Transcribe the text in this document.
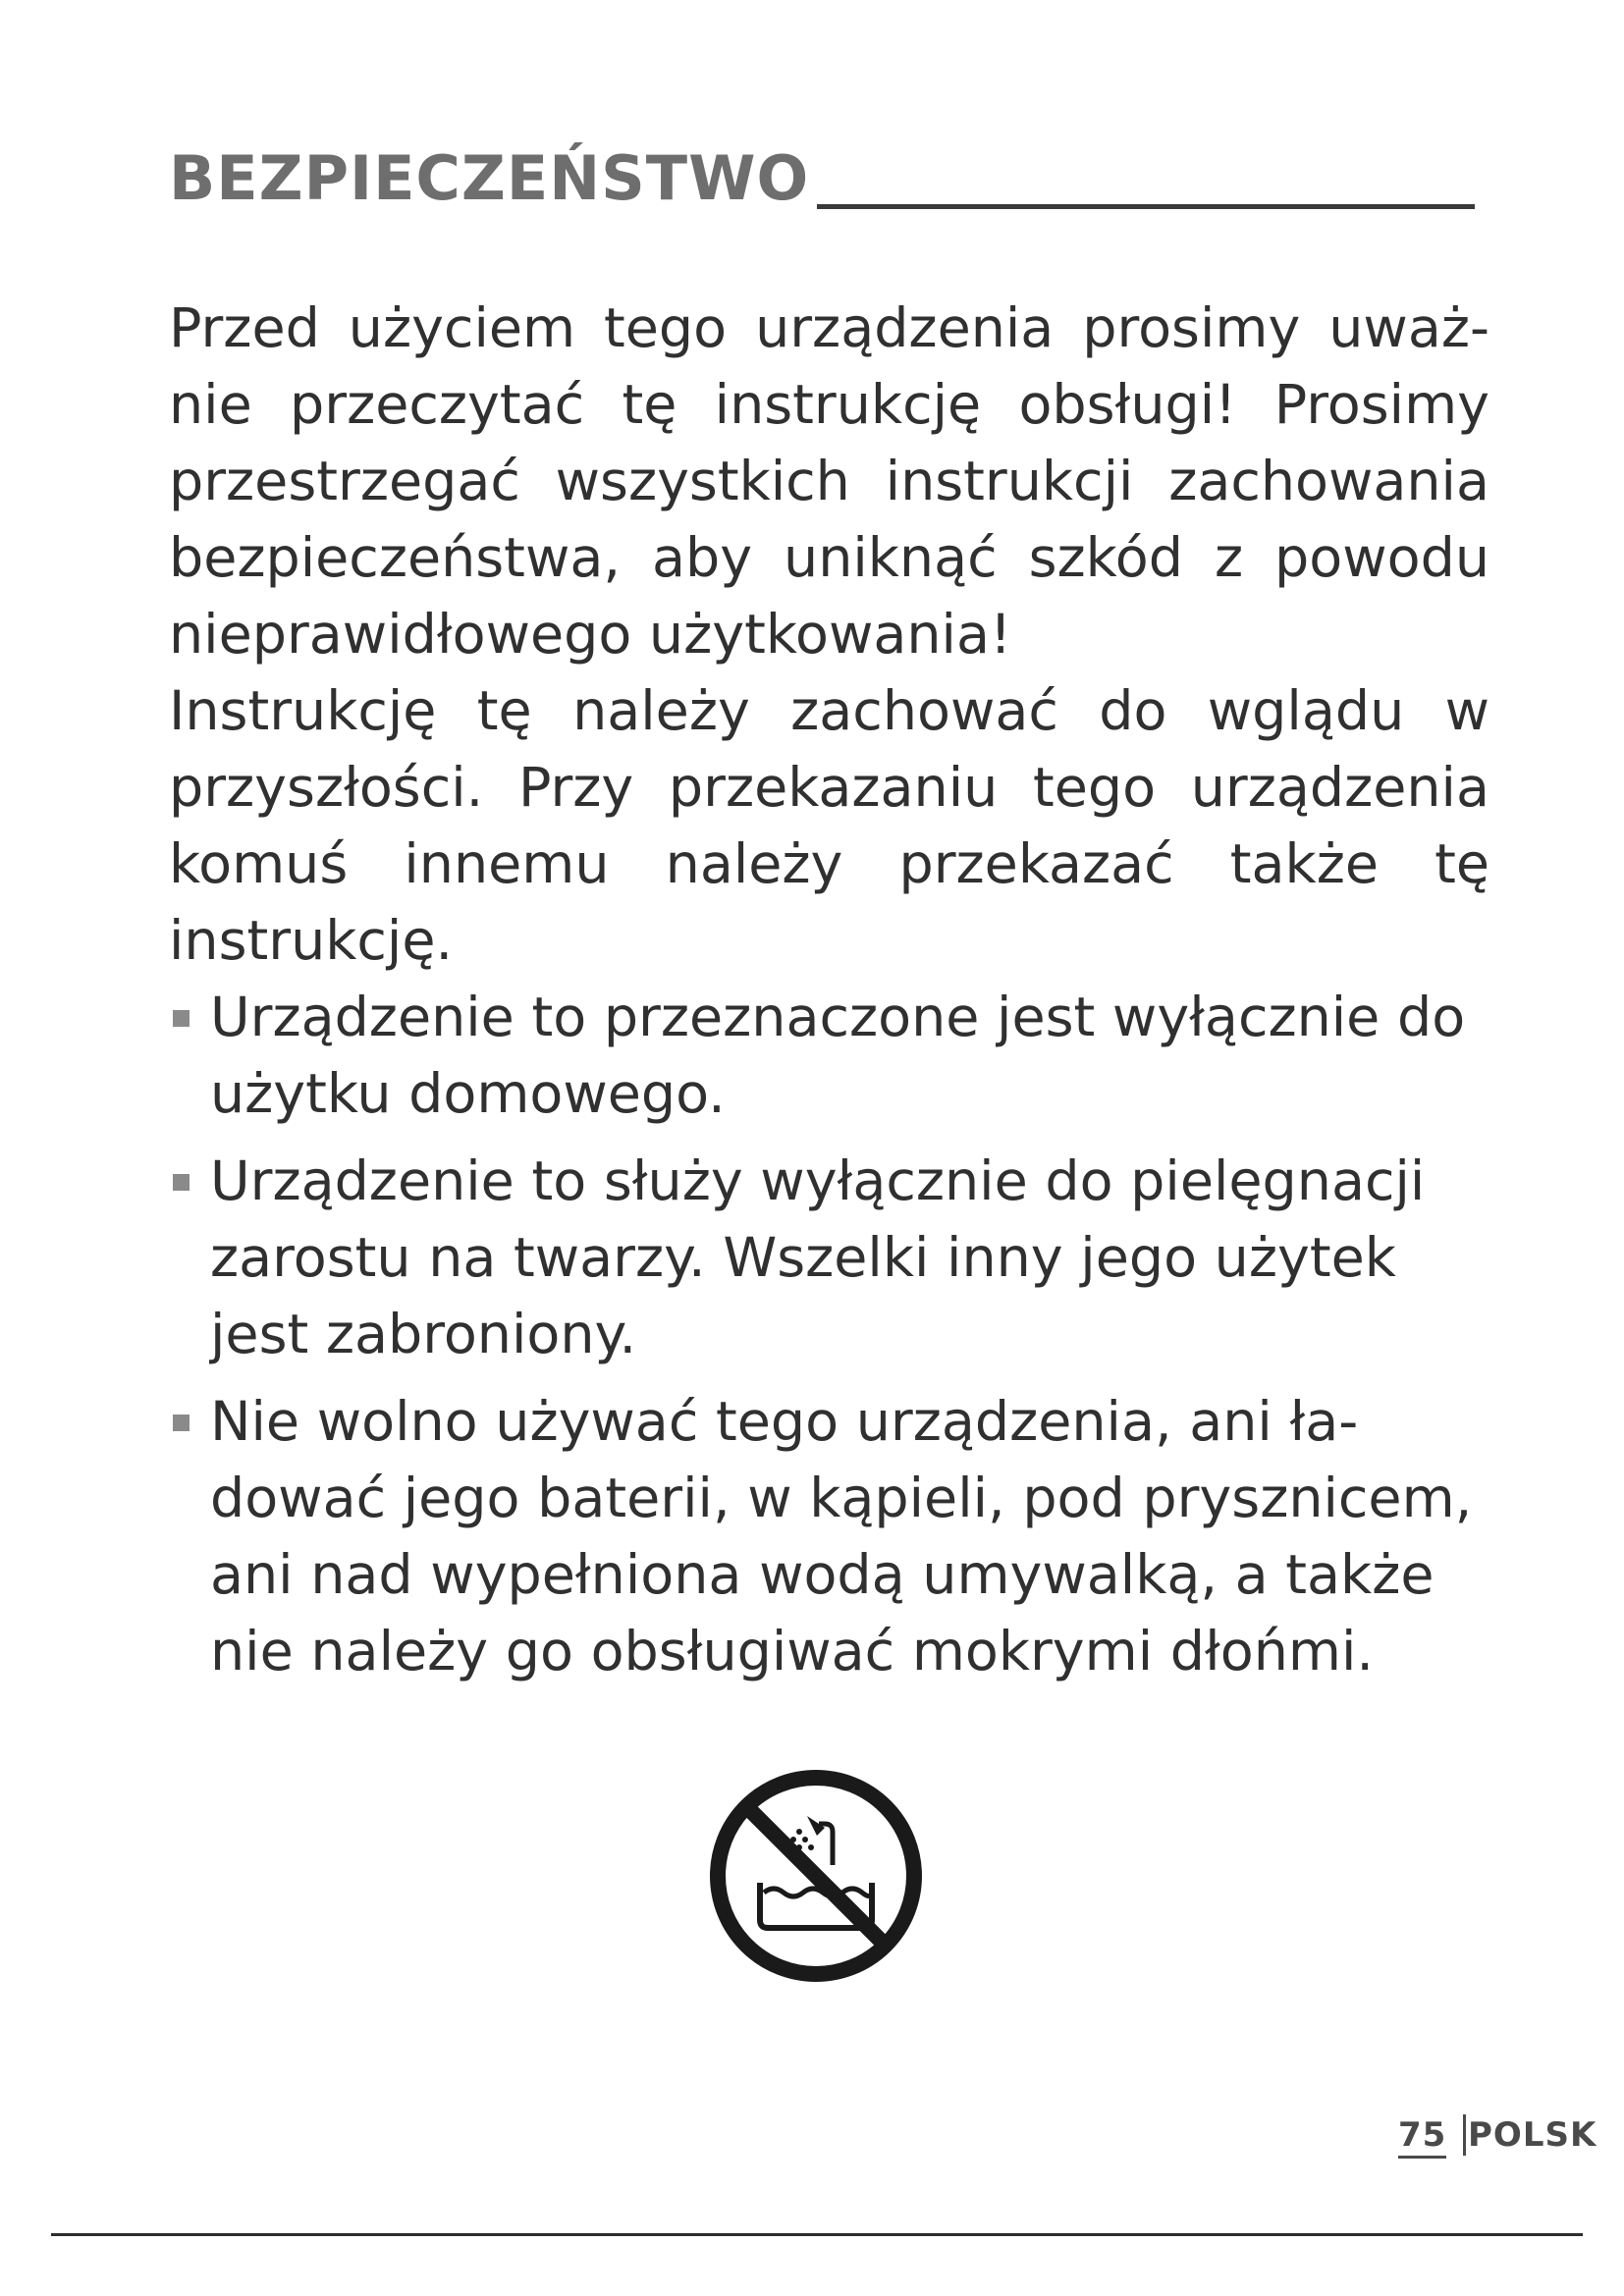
BEZPIECZEŃSTWO

Przed użyciem tego urządzenia prosimy uważnie przeczytać tę instrukcję obsługi! Prosimy przestrzegać wszystkich instrukcji zachowania bezpieczeństwa, aby uniknąć szkód z powodu nieprawidłowego użytkowania!

Instrukcję tę należy zachować do wglądu w przyszłości. Przy przekazaniu tego urządzenia komuś innemu należy przekazać także tę instrukcję.

Urządzenie to przeznaczone jest wyłącznie do użytku domowego.
Urządzenie to służy wyłącznie do pielęgnacji zarostu na twarzy. Wszelki inny jego użytek jest zabroniony.
Nie wolno używać tego urządzenia, ani ładować jego baterii, w kąpieli, pod prysznicem, ani nad wypełniona wodą umywalką, a także nie należy go obsługiwać mokrymi dłońmi.
75 POLSK
